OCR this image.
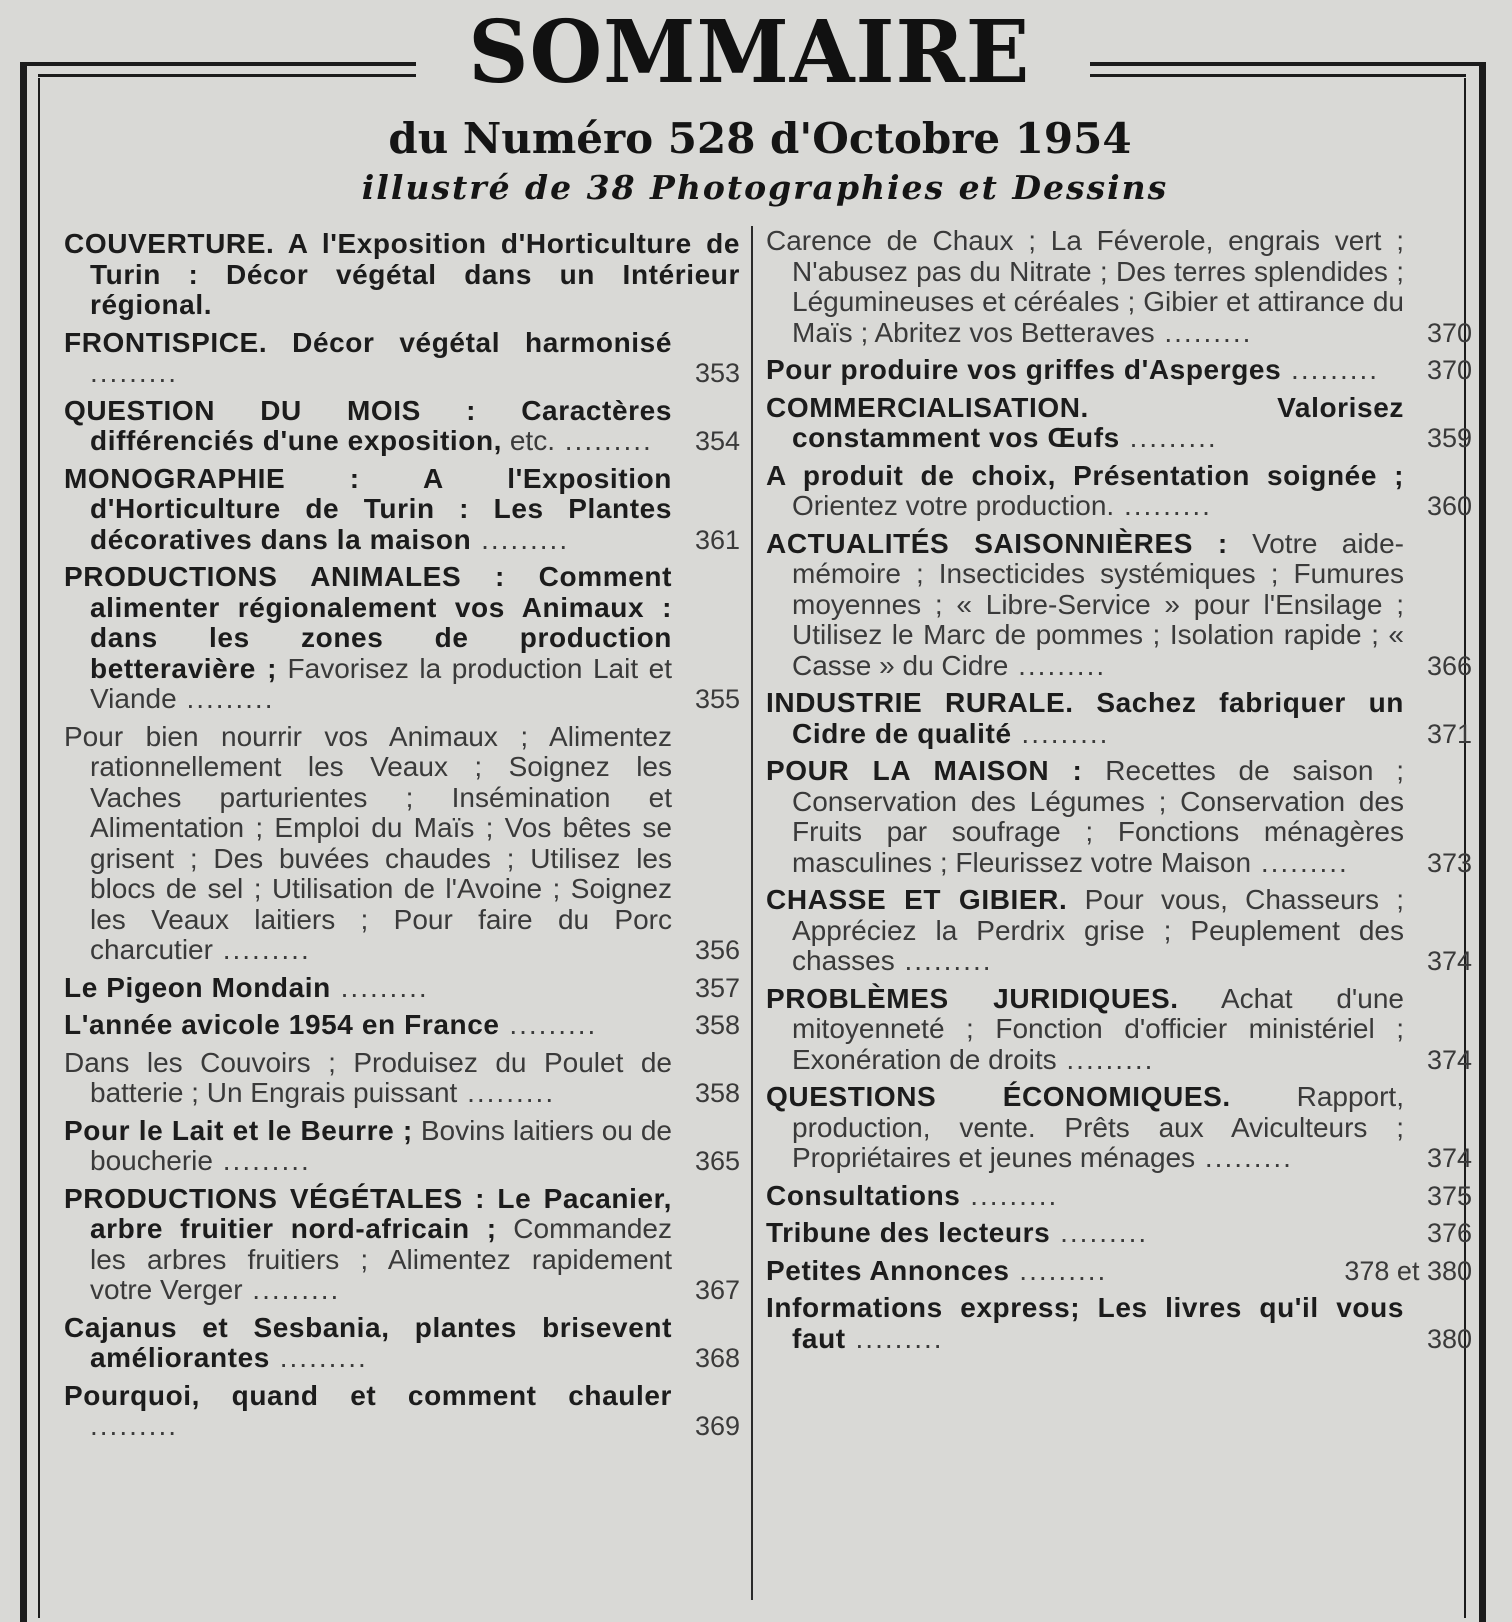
SOMMAIRE
du Numéro 528 d'Octobre 1954
illustré de 38 Photographies et Dessins
COUVERTURE. A l'Exposition d'Horticulture de Turin : Décor végétal dans un Intérieur régional.
FRONTISPICE. Décor végétal harmonisé .........	353
QUESTION DU MOIS : Caractères différenciés d'une exposition, etc. .........	354
MONOGRAPHIE : A l'Exposition d'Horticulture de Turin : Les Plantes décoratives dans la maison .........	361
PRODUCTIONS ANIMALES : Comment alimenter régionalement vos Animaux : dans les zones de production betteravière ; Favorisez la production Lait et Viande .........	355
Pour bien nourrir vos Animaux ; Alimentez rationnellement les Veaux ; Soignez les Vaches parturientes ; Insémination et Alimentation ; Emploi du Maïs ; Vos bêtes se grisent ; Des buvées chaudes ; Utilisez les blocs de sel ; Utilisation de l'Avoine ; Soignez les Veaux laitiers ; Pour faire du Porc charcutier .........	356
Le Pigeon Mondain .........	357
L'année avicole 1954 en France .........	358
Dans les Couvoirs ; Produisez du Poulet de batterie ; Un Engrais puissant .........	358
Pour le Lait et le Beurre ; Bovins laitiers ou de boucherie .........	365
PRODUCTIONS VÉGÉTALES : Le Pacanier, arbre fruitier nord-africain ; Commandez les arbres fruitiers ; Alimentez rapidement votre Verger .........	367
Cajanus et Sesbania, plantes brisevent améliorantes .........	368
Pourquoi, quand et comment chauler .........	369
Carence de Chaux ; La Féverole, engrais vert ; N'abusez pas du Nitrate ; Des terres splendides ; Légumineuses et céréales ; Gibier et attirance du Maïs ; Abritez vos Betteraves .........	370
Pour produire vos griffes d'Asperges .........	370
COMMERCIALISATION. Valorisez constamment vos Œufs .........	359
A produit de choix, Présentation soignée ; Orientez votre production. .........	360
ACTUALITÉS SAISONNIÈRES : Votre aide-mémoire ; Insecticides systémiques ; Fumures moyennes ; « Libre-Service » pour l'Ensilage ; Utilisez le Marc de pommes ; Isolation rapide ; « Casse » du Cidre .........	366
INDUSTRIE RURALE. Sachez fabriquer un Cidre de qualité .........	371
POUR LA MAISON : Recettes de saison ; Conservation des Légumes ; Conservation des Fruits par soufrage ; Fonctions ménagères masculines ; Fleurissez votre Maison .........	373
CHASSE ET GIBIER. Pour vous, Chasseurs ; Appréciez la Perdrix grise ; Peuplement des chasses .........	374
PROBLÈMES JURIDIQUES. Achat d'une mitoyenneté ; Fonction d'officier ministériel ; Exonération de droits .........	374
QUESTIONS ÉCONOMIQUES. Rapport, production, vente. Prêts aux Aviculteurs ; Propriétaires et jeunes ménages .........	374
Consultations .........	375
Tribune des lecteurs .........	376
Petites Annonces .........	378 et 380
Informations express; Les livres qu'il vous faut .........	380
